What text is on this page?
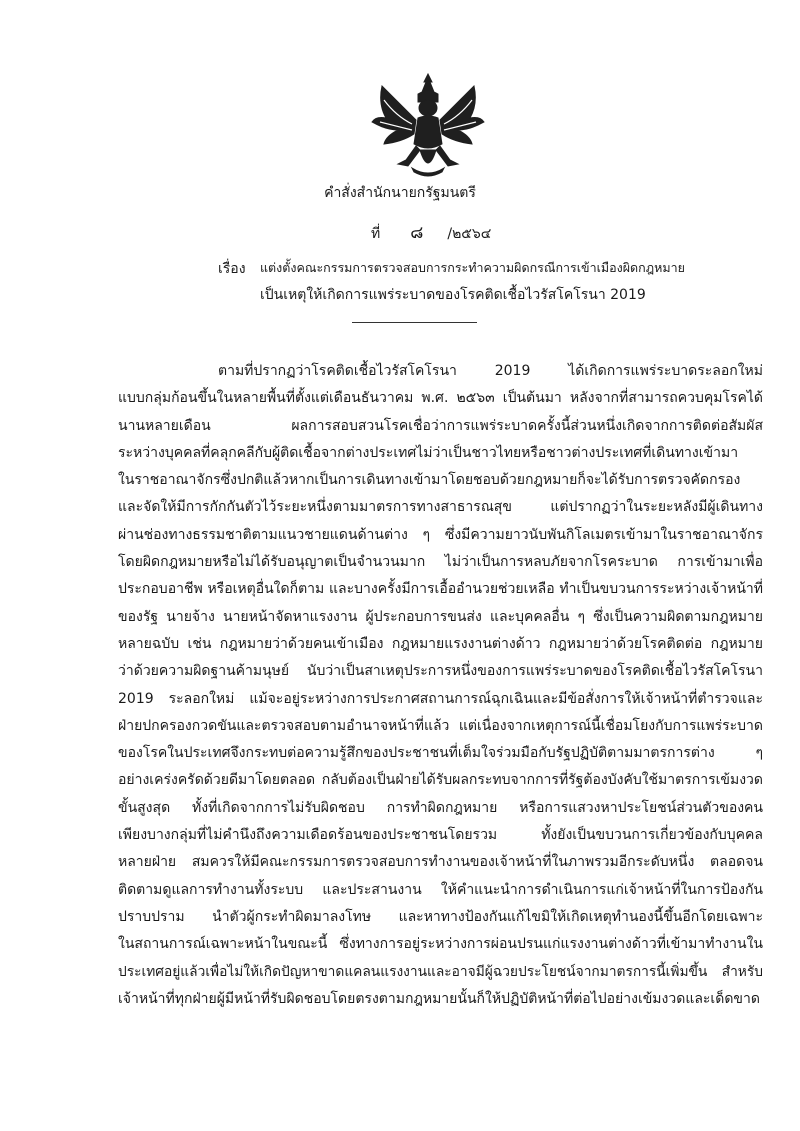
คำสั่งสำนักนายกรัฐมนตรี
ที่ ๘ /๒๕๖๔
เรื่อง แต่งตั้งคณะกรรมการตรวจสอบการกระทำความผิดกรณีการเข้าเมืองผิดกฎหมาย
เป็นเหตุให้เกิดการแพร่ระบาดของโรคติดเชื้อไวรัสโคโรนา 2019
ตามที่ปรากฏว่าโรคติดเชื้อไวรัสโคโรนา 2019 ได้เกิดการแพร่ระบาดระลอกใหม่
แบบกลุ่มก้อนขึ้นในหลายพื้นที่ตั้งแต่เดือนธันวาคม พ.ศ. ๒๕๖๓ เป็นต้นมา หลังจากที่สามารถควบคุมโรคได้
นานหลายเดือน ผลการสอบสวนโรคเชื่อว่าการแพร่ระบาดครั้งนี้ส่วนหนึ่งเกิดจากการติดต่อสัมผัส
ระหว่างบุคคลที่คลุกคลีกับผู้ติดเชื้อจากต่างประเทศไม่ว่าเป็นชาวไทยหรือชาวต่างประเทศที่เดินทางเข้ามา
ในราชอาณาจักรซึ่งปกติแล้วหากเป็นการเดินทางเข้ามาโดยชอบด้วยกฎหมายก็จะได้รับการตรวจคัดกรอง
และจัดให้มีการกักกันตัวไว้ระยะหนึ่งตามมาตรการทางสาธารณสุข แต่ปรากฏว่าในระยะหลังมีผู้เดินทาง
ผ่านช่องทางธรรมชาติตามแนวชายแดนด้านต่าง ๆ ซึ่งมีความยาวนับพันกิโลเมตรเข้ามาในราชอาณาจักร
โดยผิดกฎหมายหรือไม่ได้รับอนุญาตเป็นจำนวนมาก ไม่ว่าเป็นการหลบภัยจากโรคระบาด การเข้ามาเพื่อ
ประกอบอาชีพ หรือเหตุอื่นใดก็ตาม และบางครั้งมีการเอื้ออำนวยช่วยเหลือ ทำเป็นขบวนการระหว่างเจ้าหน้าที่
ของรัฐ นายจ้าง นายหน้าจัดหาแรงงาน ผู้ประกอบการขนส่ง และบุคคลอื่น ๆ ซึ่งเป็นความผิดตามกฎหมาย
หลายฉบับ เช่น กฎหมายว่าด้วยคนเข้าเมือง กฎหมายแรงงานต่างด้าว กฎหมายว่าด้วยโรคติดต่อ กฎหมาย
ว่าด้วยความผิดฐานค้ามนุษย์ นับว่าเป็นสาเหตุประการหนึ่งของการแพร่ระบาดของโรคติดเชื้อไวรัสโคโรนา
2019 ระลอกใหม่ แม้จะอยู่ระหว่างการประกาศสถานการณ์ฉุกเฉินและมีข้อสั่งการให้เจ้าหน้าที่ตำรวจและ
ฝ่ายปกครองกวดขันและตรวจสอบตามอำนาจหน้าที่แล้ว แต่เนื่องจากเหตุการณ์นี้เชื่อมโยงกับการแพร่ระบาด
ของโรคในประเทศจึงกระทบต่อความรู้สึกของประชาชนที่เต็มใจร่วมมือกับรัฐปฏิบัติตามมาตรการต่าง ๆ
อย่างเคร่งครัดด้วยดีมาโดยตลอด กลับต้องเป็นฝ่ายได้รับผลกระทบจากการที่รัฐต้องบังคับใช้มาตรการเข้มงวด
ขั้นสูงสุด ทั้งที่เกิดจากการไม่รับผิดชอบ การทำผิดกฎหมาย หรือการแสวงหาประโยชน์ส่วนตัวของคน
เพียงบางกลุ่มที่ไม่คำนึงถึงความเดือดร้อนของประชาชนโดยรวม ทั้งยังเป็นขบวนการเกี่ยวข้องกับบุคคล
หลายฝ่าย สมควรให้มีคณะกรรมการตรวจสอบการทำงานของเจ้าหน้าที่ในภาพรวมอีกระดับหนึ่ง ตลอดจน
ติดตามดูแลการทำงานทั้งระบบ และประสานงาน ให้คำแนะนำการดำเนินการแก่เจ้าหน้าที่ในการป้องกัน
ปราบปราม นำตัวผู้กระทำผิดมาลงโทษ และหาทางป้องกันแก้ไขมิให้เกิดเหตุทำนองนี้ขึ้นอีกโดยเฉพาะ
ในสถานการณ์เฉพาะหน้าในขณะนี้ ซึ่งทางการอยู่ระหว่างการผ่อนปรนแก่แรงงานต่างด้าวที่เข้ามาทำงานใน
ประเทศอยู่แล้วเพื่อไม่ให้เกิดปัญหาขาดแคลนแรงงานและอาจมีผู้ฉวยประโยชน์จากมาตรการนี้เพิ่มขึ้น สำหรับ
เจ้าหน้าที่ทุกฝ่ายผู้มีหน้าที่รับผิดชอบโดยตรงตามกฎหมายนั้นก็ให้ปฏิบัติหน้าที่ต่อไปอย่างเข้มงวดและเด็ดขาด
